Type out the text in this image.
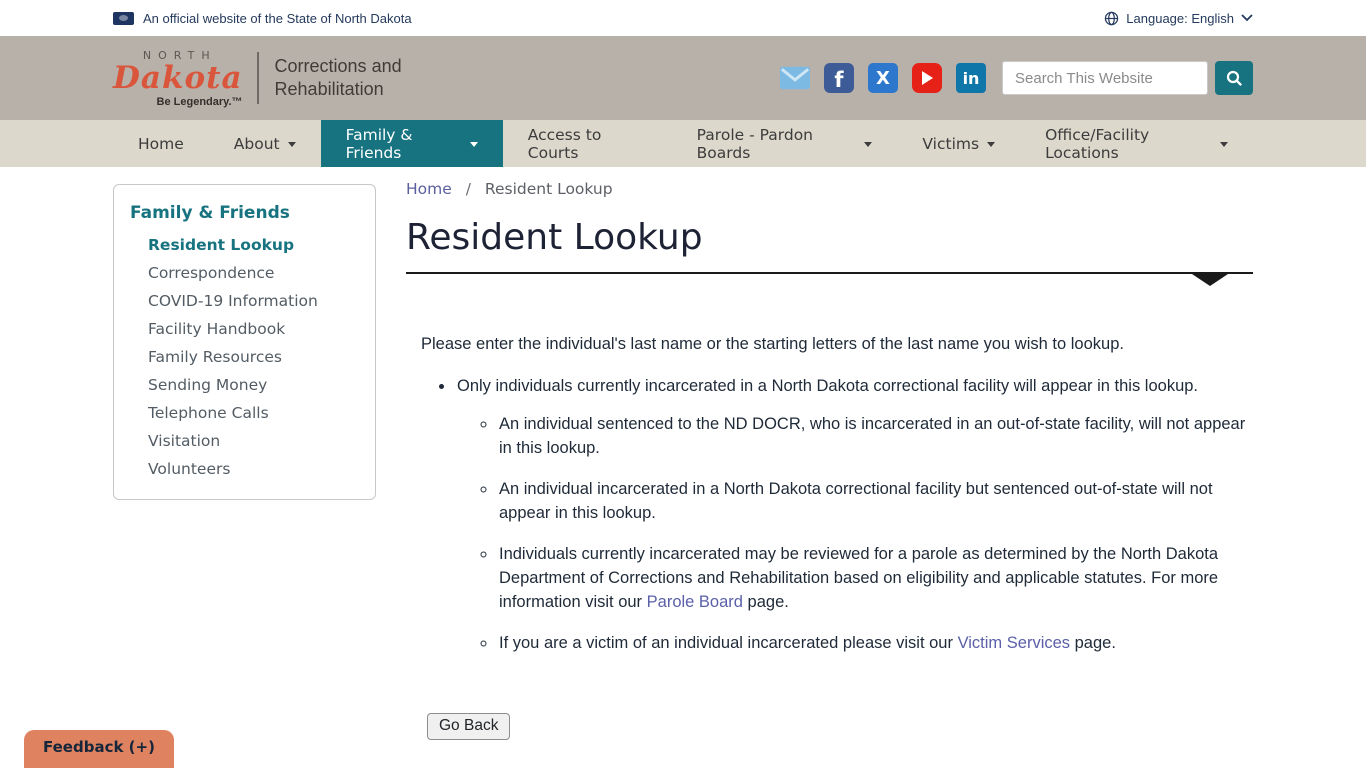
An official website of the State of North Dakota	Language: English
NORTH
Dakota
Be Legendary.™
Corrections and
Rehabilitation	f	X	in
Search This Website
Home	About	Family & Friends
Access to Courts
Parole - Pardon Boards	Victims	Office/Facility Locations
Family & Friends
Resident Lookup
Correspondence
COVID-19 Information
Facility Handbook
Family Resources
Sending Money
Telephone Calls
Visitation
Volunteers
Home / Resident Lookup
Resident Lookup

Please enter the individual's last name or the starting letters of the last name you wish to lookup.

• Only individuals currently incarcerated in a North Dakota correctional facility will appear in this lookup.
◦ An individual sentenced to the ND DOCR, who is incarcerated in an out-of-state facility, will not appear in this lookup.
◦ An individual incarcerated in a North Dakota correctional facility but sentenced out-of-state will not appear in this lookup.
◦ Individuals currently incarcerated may be reviewed for a parole as determined by the North Dakota Department of Corrections and Rehabilitation based on eligibility and applicable statutes. For more information visit our Parole Board page.
◦ If you are a victim of an individual incarcerated please visit our Victim Services page.
Go Back
Feedback (+)
